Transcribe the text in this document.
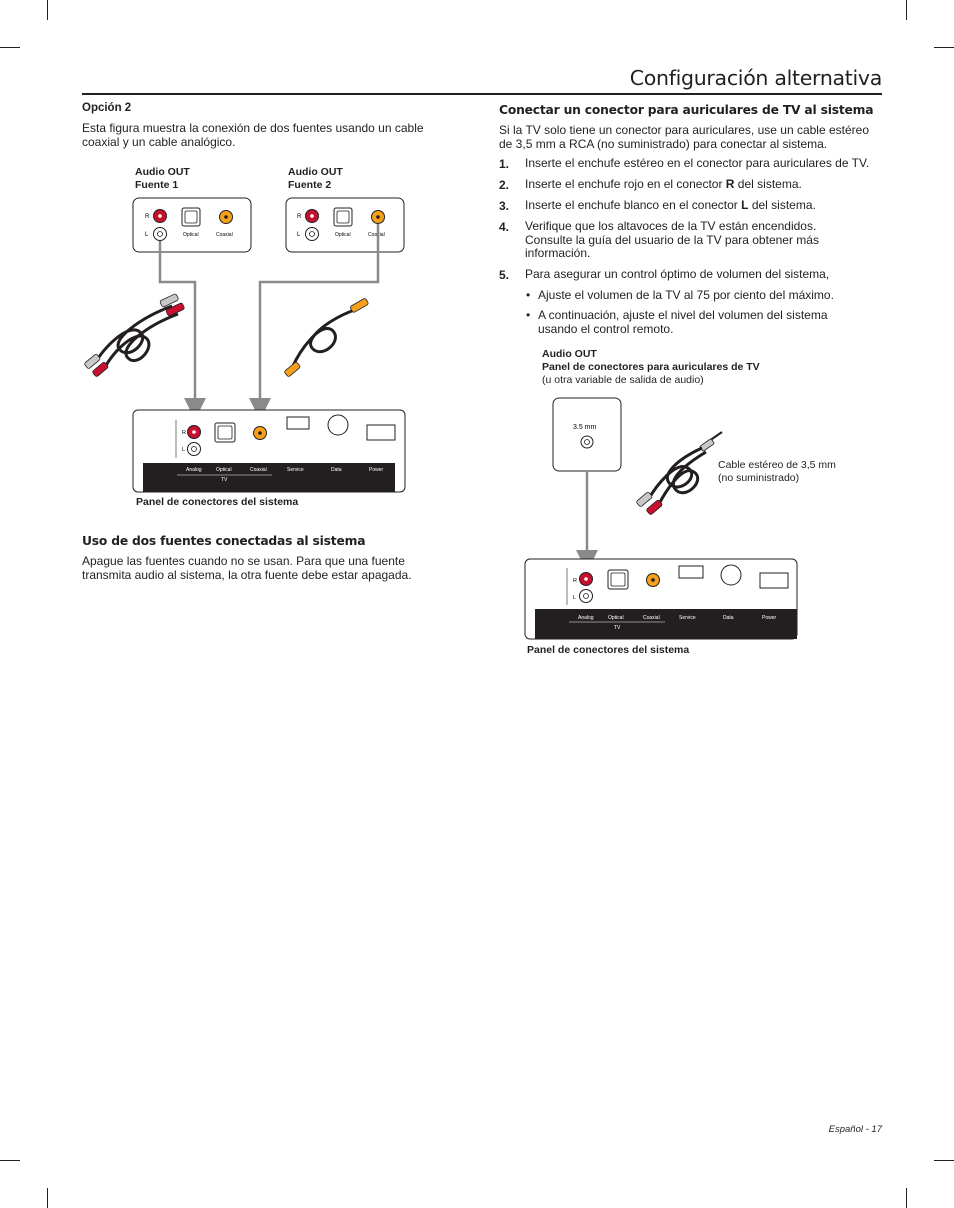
Configuración alternativa
Opción 2
Esta figura muestra la conexión de dos fuentes usando un cable coaxial y un cable analógico.
Audio OUT
Fuente 1
Audio OUT
Fuente 2
R
L	Optical	Coaxial
R
L	Optical	Coaxial
R
L
Analog	Optical	Coaxial
TV
Service	Data	Power
Panel de conectores del sistema
Uso de dos fuentes conectadas al sistema
Apague las fuentes cuando no se usan. Para que una fuente transmita audio al sistema, la otra fuente debe estar apagada.
Conectar un conector para auriculares de TV al sistema
Si la TV solo tiene un conector para auriculares, use un cable estéreo de 3,5 mm a RCA (no suministrado) para conectar al sistema.
1. Inserte el enchufe estéreo en el conector para auriculares de TV.
2. Inserte el enchufe rojo en el conector R del sistema.
3. Inserte el enchufe blanco en el conector L del sistema.
4. Verifique que los altavoces de la TV están encendidos. Consulte la guía del usuario de la TV para obtener más información.
5. Para asegurar un control óptimo de volumen del sistema,
• Ajuste el volumen de la TV al 75 por ciento del máximo.
• A continuación, ajuste el nivel del volumen del sistema usando el control remoto.
Audio OUT
Panel de conectores para auriculares de TV
(u otra variable de salida de audio)
3.5 mm
R
L
Analog	Optical	Coaxial
TV
Service	Data	Power
Cable estéreo de 3,5 mm
(no suministrado)
Panel de conectores del sistema
Español - 17
